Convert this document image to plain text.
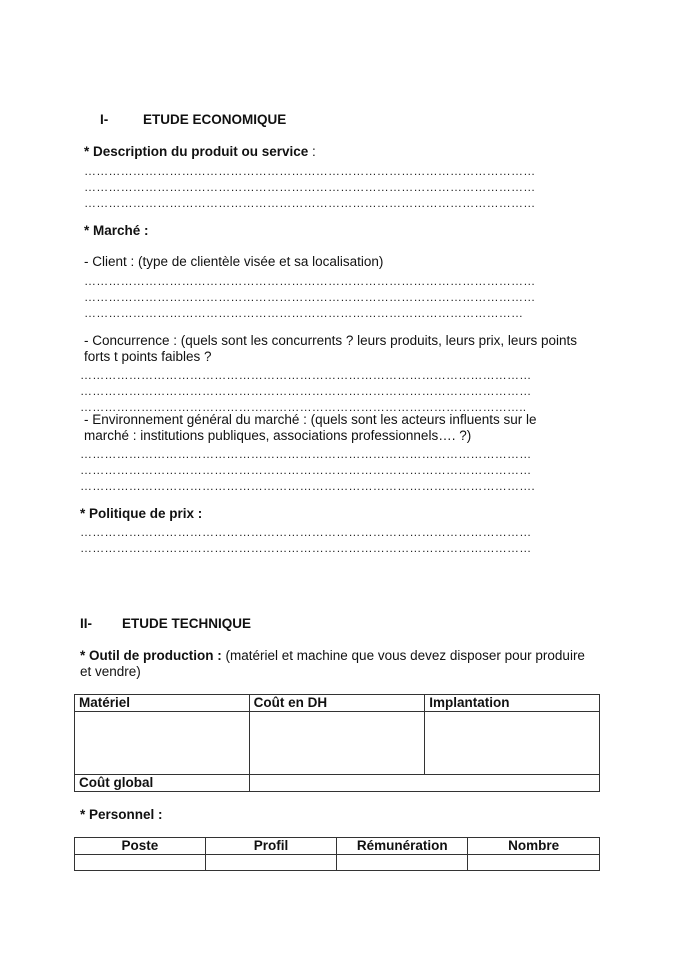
I-	ETUDE ECONOMIQUE
* Description du produit ou service :
…………………………………………………………………………………………………
…………………………………………………………………………………………………
…………………………………………………………………………………………………
* Marché :
- Client : (type de clientèle visée et sa localisation)
…………………………………………………………………………………………………
…………………………………………………………………………………………………
………………………………………………………………………………………………
- Concurrence : (quels sont les concurrents ? leurs produits, leurs prix, leurs points
forts t points faibles ?
…………………………………………………………………………………………………
…………………………………………………………………………………………………
………………………………………………………………………………………………..
- Environnement général du marché : (quels sont les acteurs influents sur le
marché : institutions publiques, associations professionnels…. ?)
…………………………………………………………………………………………………
…………………………………………………………………………………………………
………………………………………………………………………………………………….
* Politique de prix :
…………………………………………………………………………………………………
…………………………………………………………………………………………………
II- ETUDE TECHNIQUE
* Outil de production : (matériel et machine que vous devez disposer pour produire
et vendre)
Matériel	Coût en DH	Implantation

Coût global		
* Personnel :
Poste	Profil	Rémunération	Nombre
